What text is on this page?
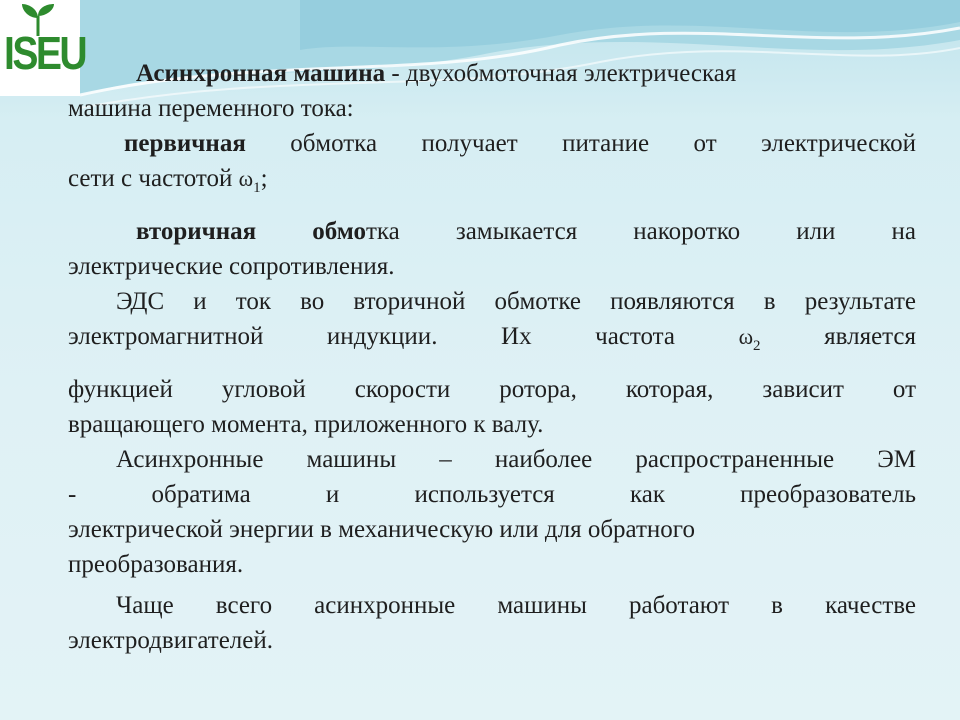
ISEU	Асинхронная машина - двухобмоточная электрическая

машина переменного тока:

первичная обмотка получает питание от электрической

сети с частотой $\omega_1$;

вторичная обмотка замыкается накоротко или на

электрические сопротивления.

ЭДС и ток во вторичной обмотке появляются в результате

электромагнитной индукции. Их частота $\omega_2$ является

функцией угловой скорости ротора, которая, зависит от

вращающего момента, приложенного к валу.

Асинхронные машины – наиболее распространенные ЭМ

- обратима и используется как преобразователь

электрической энергии в механическую или для обратного

преобразования.

Чаще всего асинхронные машины работают в качестве

электродвигателей.
